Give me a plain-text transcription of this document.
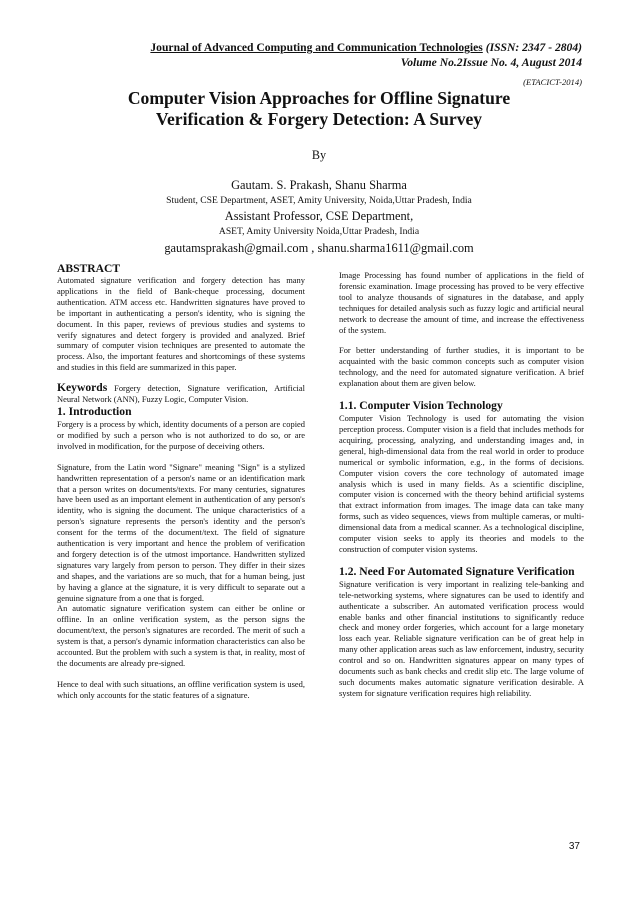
Journal of Advanced Computing and Communication Technologies (ISSN: 2347 - 2804)
Volume No.2Issue No. 4, August 2014
(ETACICT-2014)
Computer Vision Approaches for Offline Signature
Verification & Forgery Detection: A Survey
By
Gautam. S. Prakash, Shanu Sharma
Student, CSE Department, ASET, Amity University, Noida,Uttar Pradesh, India
Assistant Professor, CSE Department,
ASET, Amity University Noida,Uttar Pradesh, India
gautamsprakash@gmail.com , shanu.sharma1611@gmail.com
ABSTRACT

Automated signature verification and forgery detection has many applications in the field of Bank-cheque processing, document authentication. ATM access etc. Handwritten signatures have proved to be important in authenticating a person's identity, who is signing the document. In this paper, reviews of previous studies and systems to verify signatures and detect forgery is provided and analyzed. Brief summary of computer vision techniques are presented to automate the process. Also, the important features and shortcomings of these systems and studies in this field are summarized in this paper.

Keywords Forgery detection, Signature verification, Artificial Neural Network (ANN), Fuzzy Logic, Computer Vision.

1. Introduction

Forgery is a process by which, identity documents of a person are copied or modified by such a person who is not authorized to do so, or are involved in modification, for the purpose of deceiving others.

Signature, from the Latin word "Signare" meaning "Sign" is a stylized handwritten representation of a person's name or an identification mark that a person writes on documents/texts. For many centuries, signatures have been used as an important element in authentication of any person's identity, who is signing the document. The unique characteristics of a person's signature represents the person's identity and the person's consent for the terms of the document/text. The field of signature authentication is very important and hence the problem of verification and forgery detection is of the utmost importance. Handwritten stylized signatures vary largely from person to person. They differ in their sizes and shapes, and the variations are so much, that for a human being, just by having a glance at the signature, it is very difficult to separate out a genuine signature from a one that is forged.

An automatic signature verification system can either be online or offline. In an online verification system, as the person signs the document/text, the person's signatures are recorded. The merit of such a system is that, a person's dynamic information characteristics can also be accounted. But the problem with such a system is that, in reality, most of the documents are already pre-signed.

Hence to deal with such situations, an offline verification system is used, which only accounts for the static features of a signature.

Image Processing has found number of applications in the field of forensic examination. Image processing has proved to be very effective tool to analyze thousands of signatures in the database, and apply techniques for detailed analysis such as fuzzy logic and artificial neural network to decrease the amount of time, and increase the effectiveness of the system.

For better understanding of further studies, it is important to be acquainted with the basic common concepts such as computer vision technology, and the need for automated signature verification. A brief explanation about them are given below.

1.1. Computer Vision Technology

Computer Vision Technology is used for automating the vision perception process. Computer vision is a field that includes methods for acquiring, processing, analyzing, and understanding images and, in general, high-dimensional data from the real world in order to produce numerical or symbolic information, e.g., in the forms of decisions. Computer vision covers the core technology of automated image analysis which is used in many fields. As a scientific discipline, computer vision is concerned with the theory behind artificial systems that extract information from images. The image data can take many forms, such as video sequences, views from multiple cameras, or multi-dimensional data from a medical scanner. As a technological discipline, computer vision seeks to apply its theories and models to the construction of computer vision systems.

1.2. Need For Automated Signature Verification

Signature verification is very important in realizing tele-banking and tele-networking systems, where signatures can be used to identify and authenticate a subscriber. An automated verification process would enable banks and other financial institutions to significantly reduce check and money order forgeries, which account for a large monetary loss each year. Reliable signature verification can be of great help in many other application areas such as law enforcement, industry, security control and so on. Handwritten signatures appear on many types of documents such as bank checks and credit slip etc. The large volume of such documents makes automatic signature verification desirable. A system for signature verification requires high reliability.

37
